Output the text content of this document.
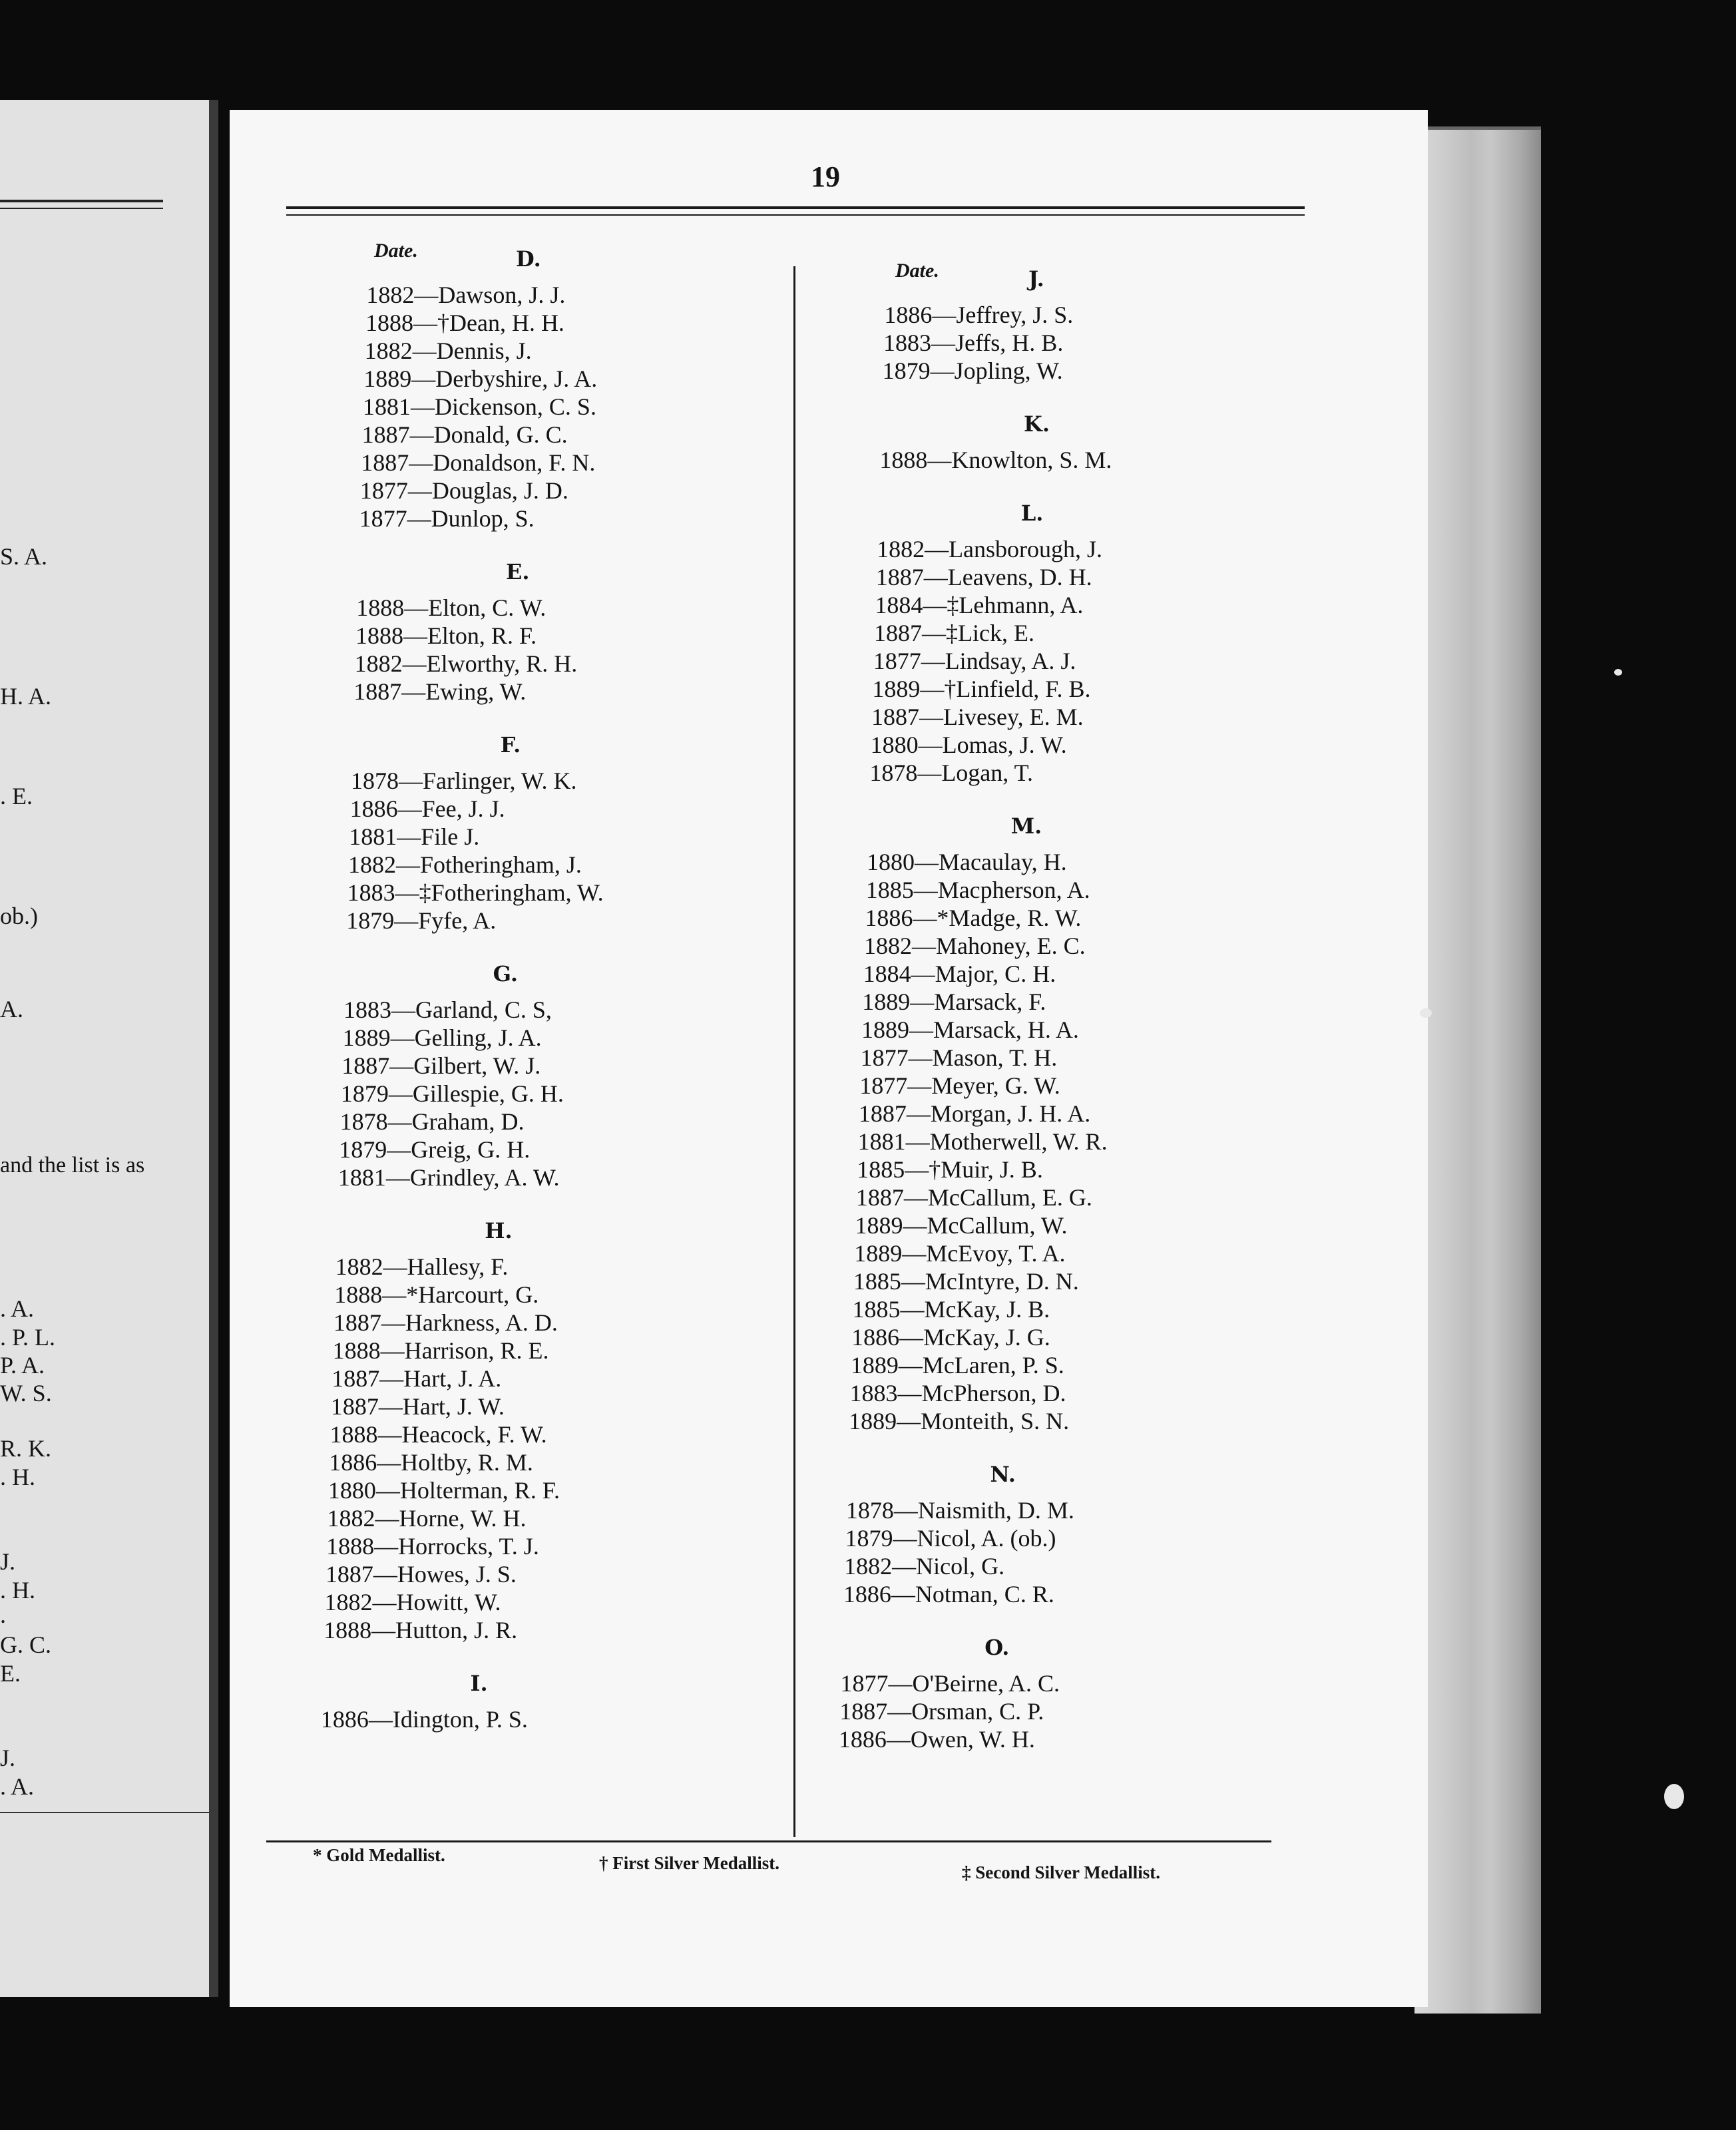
S. A.
H. A.
. E.
ob.)
A.
and the list is as
. A.
. P. L.
P. A.
W. S.
R. K.
. H.
J.
. H.
.
G. C.
E.
J.
. A.
19
Date.	D.
1882—Dawson, J. J.
1888—†Dean, H. H.
1882—Dennis, J.
1889—Derbyshire, J. A.
1881—Dickenson, C. S.
1887—Donald, G. C.
1887—Donaldson, F. N.
1877—Douglas, J. D.
1877—Dunlop, S.
E.
1888—Elton, C. W.
1888—Elton, R. F.
1882—Elworthy, R. H.
1887—Ewing, W.
F.
1878—Farlinger, W. K.
1886—Fee, J. J.
1881—File J.
1882—Fotheringham, J.
1883—‡Fotheringham, W.
1879—Fyfe, A.
G.
1883—Garland, C. S,
1889—Gelling, J. A.
1887—Gilbert, W. J.
1879—Gillespie, G. H.
1878—Graham, D.
1879—Greig, G. H.
1881—Grindley, A. W.
H.
1882—Hallesy, F.
1888—*Harcourt, G.
1887—Harkness, A. D.
1888—Harrison, R. E.
1887—Hart, J. A.
1887—Hart, J. W.
1888—Heacock, F. W.
1886—Holtby, R. M.
1880—Holterman, R. F.
1882—Horne, W. H.
1888—Horrocks, T. J.
1887—Howes, J. S.
1882—Howitt, W.
1888—Hutton, J. R.
I.
1886—Idington, P. S.
Date.	J.
1886—Jeffrey, J. S.
1883—Jeffs, H. B.
1879—Jopling, W.
K.
1888—Knowlton, S. M.
L.
1882—Lansborough, J.
1887—Leavens, D. H.
1884—‡Lehmann, A.
1887—‡Lick, E.
1877—Lindsay, A. J.
1889—†Linfield, F. B.
1887—Livesey, E. M.
1880—Lomas, J. W.
1878—Logan, T.
M.
1880—Macaulay, H.
1885—Macpherson, A.
1886—*Madge, R. W.
1882—Mahoney, E. C.
1884—Major, C. H.
1889—Marsack, F.
1889—Marsack, H. A.
1877—Mason, T. H.
1877—Meyer, G. W.
1887—Morgan, J. H. A.
1881—Motherwell, W. R.
1885—†Muir, J. B.
1887—McCallum, E. G.
1889—McCallum, W.
1889—McEvoy, T. A.
1885—McIntyre, D. N.
1885—McKay, J. B.
1886—McKay, J. G.
1889—McLaren, P. S.
1883—McPherson, D.
1889—Monteith, S. N.
N.
1878—Naismith, D. M.
1879—Nicol, A. (ob.)
1882—Nicol, G.
1886—Notman, C. R.
O.
1877—O'Beirne, A. C.
1887—Orsman, C. P.
1886—Owen, W. H.
* Gold Medallist.	† First Silver Medallist.	‡ Second Silver Medallist.
